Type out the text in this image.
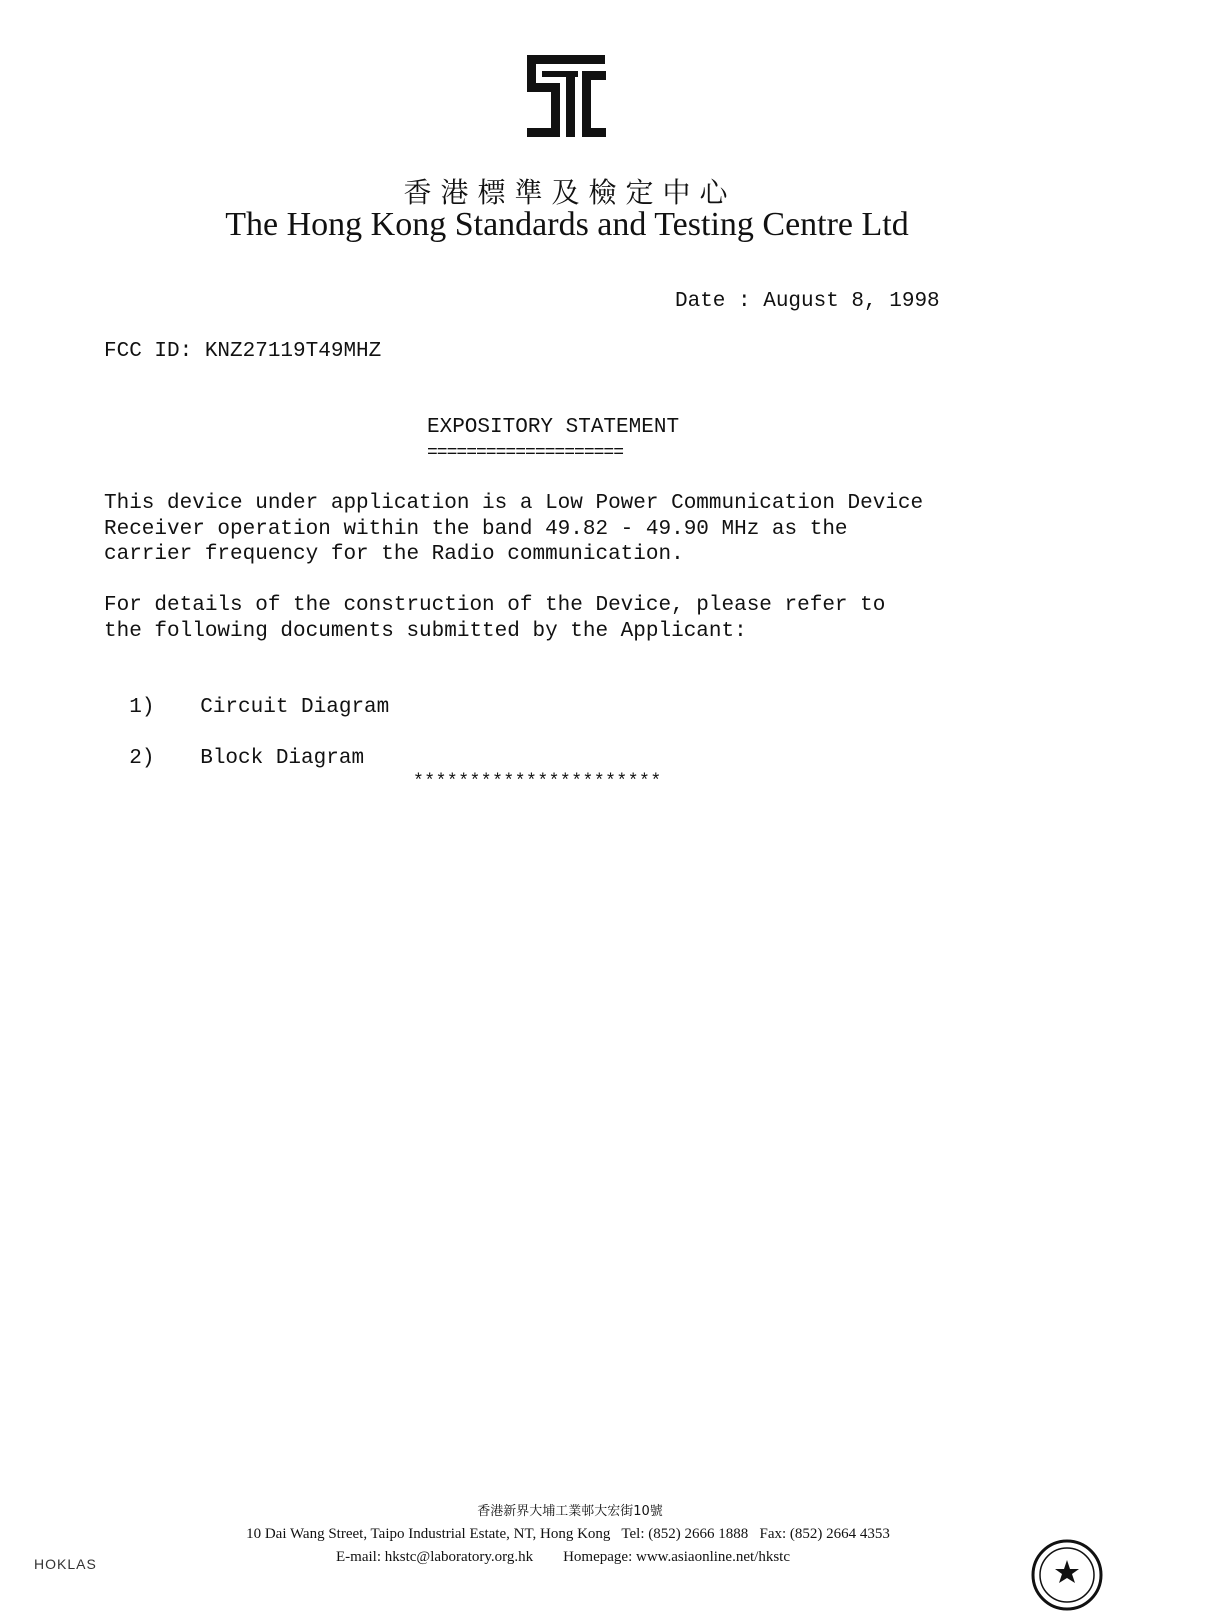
香港標準及檢定中心
The Hong Kong Standards and Testing Centre Ltd
Date : August 8, 1998
FCC ID: KNZ27119T49MHZ
EXPOSITORY STATEMENT
====================
This device under application is a Low Power Communication Device
Receiver operation within the band 49.82 - 49.90 MHz as the
carrier frequency for the Radio communication.
For details of the construction of the Device, please refer to
the following documents submitted by the Applicant:

1) Circuit Diagram

2) Block Diagram

**********************
香港新界大埔工業邨大宏街10號
10 Dai Wang Street, Taipo Industrial Estate, NT, Hong Kong   Tel: (852) 2666 1888   Fax: (852) 2664 4353
E-mail: hkstc@laboratory.org.hk        Homepage: www.asiaonline.net/hkstc
HOKLAS
